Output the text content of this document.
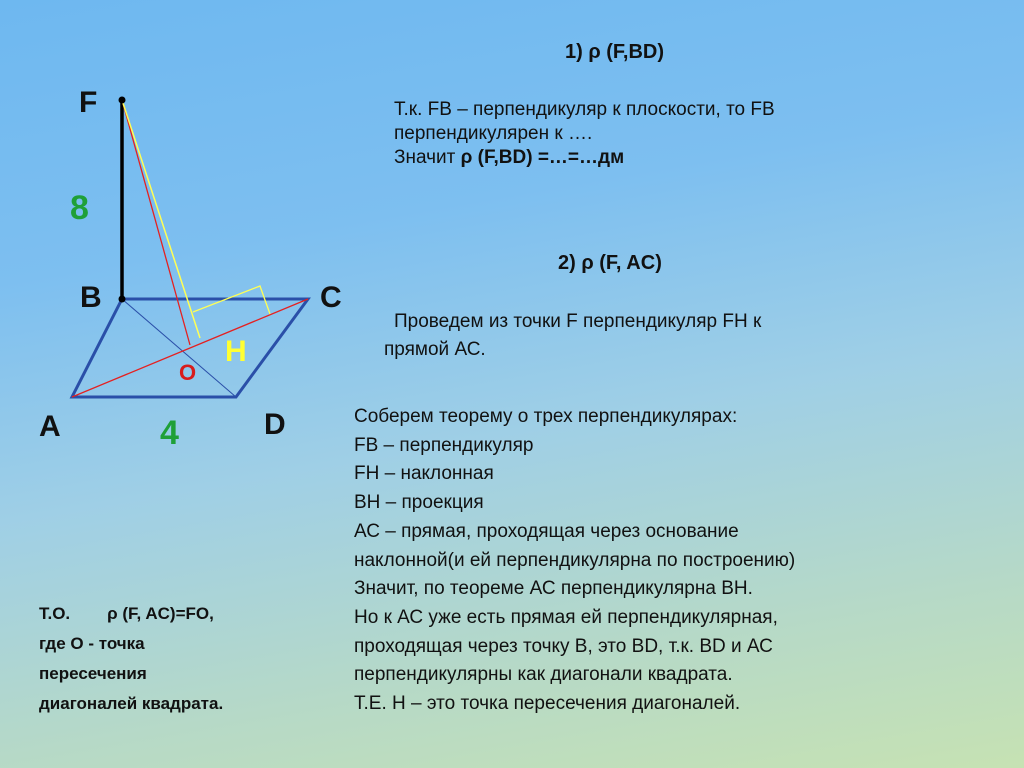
F
B	C
A	D
H
O
8
4
1) ρ (F,BD)
Т.к. FB – перпендикуляр к плоскости, то FB
перпендикулярен к ….
Значит ρ (F,BD) =…=…дм
2) ρ (F, AC)
Проведем из точки F перпендикуляр FH к
прямой АС.
Соберем теорему о трех перпендикулярах:
FB – перпендикуляр
FH – наклонная
BH – проекция
АС – прямая, проходящая через основание
наклонной(и ей перпендикулярна по построению)
Значит, по теореме АС перпендикулярна ВН.
Но к АС уже есть прямая ей перпендикулярная,
проходящая через точку В, это BD, т.к. BD и АС
перпендикулярны как диагонали квадрата.
Т.Е. Н – это точка пересечения диагоналей.
Т.О. ρ (F, AC)=FO,
где О - точка
пересечения
диагоналей квадрата.
